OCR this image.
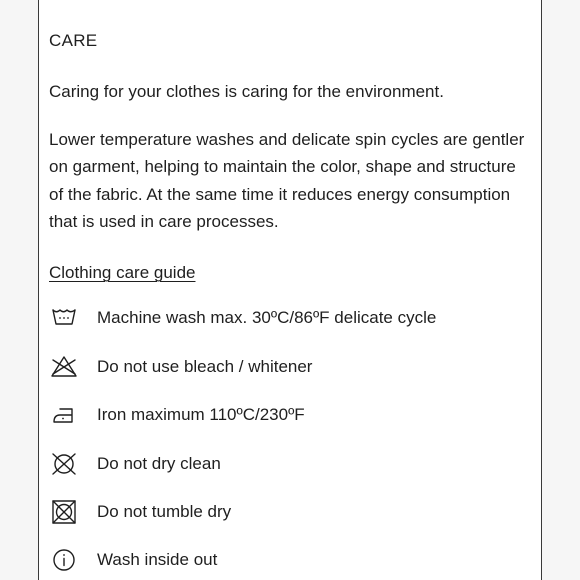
CARE

Caring for your clothes is caring for the environment.

Lower temperature washes and delicate spin cycles are gentler on garment, helping to maintain the color, shape and structure of the fabric. At the same time it reduces energy consumption that is used in care processes.

Clothing care guide
Machine wash max. 30ºC/86ºF delicate cycle
Do not use bleach / whitener
Iron maximum 110ºC/230ºF
Do not dry clean
Do not tumble dry
Wash inside out
